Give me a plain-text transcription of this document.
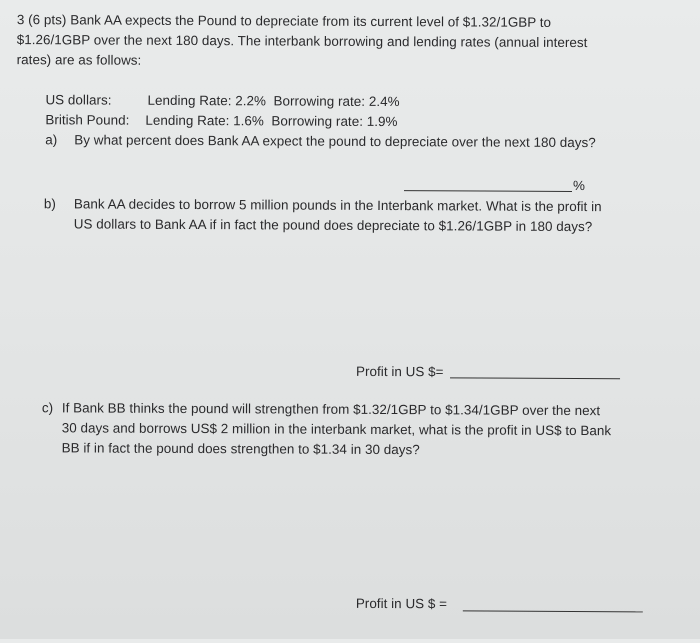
3 (6 pts) Bank AA expects the Pound to depreciate from its current level of $1.32/1GBP to
$1.26/1GBP over the next 180 days. The interbank borrowing and lending rates (annual interest
rates) are as follows:
US dollars:	Lending Rate: 2.2% Borrowing rate: 2.4%
British Pound: Lending Rate: 1.6% Borrowing rate: 1.9%
a) By what percent does Bank AA expect the pound to depreciate over the next 180 days?
%
b) Bank AA decides to borrow 5 million pounds in the Interbank market. What is the profit in
US dollars to Bank AA if in fact the pound does depreciate to $1.26/1GBP in 180 days?
Profit in US $=
c) If Bank BB thinks the pound will strengthen from $1.32/1GBP to $1.34/1GBP over the next
30 days and borrows US$ 2 million in the interbank market, what is the profit in US$ to Bank
BB if in fact the pound does strengthen to $1.34 in 30 days?
Profit in US $ =
